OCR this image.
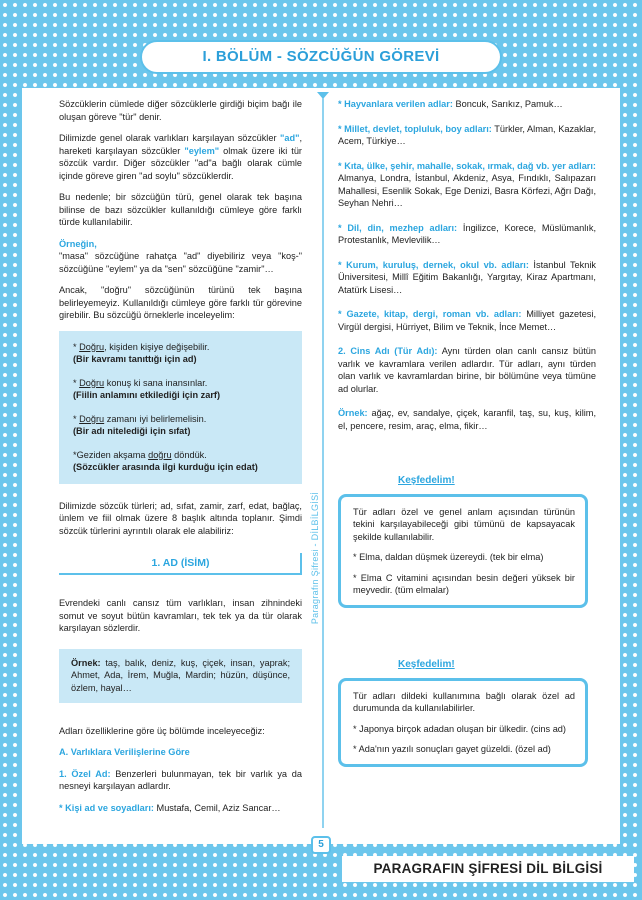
Sözcüklerin cümlede diğer sözcüklerle girdiği biçim bağı ile oluşan göreve "tür" denir.

Dilimizde genel olarak varlıkları karşılayan sözcükler "ad", hareketi karşılayan sözcükler "eylem" olmak üzere iki tür sözcük vardır. Diğer sözcükler "ad"a bağlı olarak cümle içinde göreve giren "ad soylu" sözcüklerdir.

Bu nedenle; bir sözcüğün türü, genel olarak tek başına bilinse de bazı sözcükler kullanıldığı cümleye göre farklı türde kullanılabilir.

Örneğin,

"masa" sözcüğüne rahatça "ad" diyebiliriz veya "koş-" sözcüğüne "eylem" ya da "sen" sözcüğüne "zamir"…

Ancak, "doğru" sözcüğünün türünü tek başına belirleyemeyiz. Kullanıldığı cümleye göre farklı tür görevine girebilir. Bu sözcüğü örneklerle inceleyelim:

* Doğru, kişiden kişiye değişebilir.
(Bir kavramı tanıttığı için ad)
* Doğru konuş ki sana inansınlar.
(Fiilin anlamını etkilediği için zarf)
* Doğru zamanı iyi belirlemelisin.
(Bir adı nitelediği için sıfat)
*Geziden akşama doğru döndük.
(Sözcükler arasında ilgi kurduğu için edat)

Dilimizde sözcük türleri; ad, sıfat, zamir, zarf, edat, bağlaç, ünlem ve fiil olmak üzere 8 başlık altında toplanır. Şimdi sözcük türlerini ayrıntılı olarak ele alabiliriz:

1. AD (İSİM)

Evrendeki canlı cansız tüm varlıkları, insan zihnindeki somut ve soyut bütün kavramları, tek tek ya da tür olarak karşılayan sözlerdir.

Örnek: taş, balık, deniz, kuş, çiçek, insan, yaprak; Ahmet, Ada, İrem, Muğla, Mardin; hüzün, düşünce, özlem, hayal…

Adları özelliklerine göre üç bölümde inceleyeceğiz:

A. Varlıklara Verilişlerine Göre

1. Özel Ad: Benzerleri bulunmayan, tek bir varlık ya da nesneyi karşılayan adlardır.

* Kişi ad ve soyadları: Mustafa, Cemil, Aziz Sancar…

Paragrafın Şifresi - DİLBİLGİSİ
* Hayvanlara verilen adlar: Boncuk, Sarıkız, Pamuk…
* Millet, devlet, topluluk, boy adları: Türkler, Alman, Kazaklar, Acem, Türkiye…
* Kıta, ülke, şehir, mahalle, sokak, ırmak, dağ vb. yer adları: Almanya, Londra, İstanbul, Akdeniz, Asya, Fındıklı, Salıpazarı Mahallesi, Esenlik Sokak, Ege Denizi, Basra Körfezi, Ağrı Dağı, Seyhan Nehri…
* Dil, din, mezhep adları: İngilizce, Korece, Müslümanlık, Protestanlık, Mevlevilik…
* Kurum, kuruluş, dernek, okul vb. adları: İstanbul Teknik Üniversitesi, Millî Eğitim Bakanlığı, Yargıtay, Kiraz Apartmanı, Atatürk Lisesi…
* Gazete, kitap, dergi, roman vb. adları: Milliyet gazetesi, Virgül dergisi, Hürriyet, Bilim ve Teknik, İnce Memet…
2. Cins Adı (Tür Adı): Aynı türden olan canlı cansız bütün varlık ve kavramlara verilen adlardır. Tür adları, aynı türden olan varlık ve kavramlardan birine, bir bölümüne veya tümüne ad olurlar.
Örnek: ağaç, ev, sandalye, çiçek, karanfil, taş, su, kuş, kilim, el, pencere, resim, araç, elma, fikir…
Keşfedelim!

Tür adları özel ve genel anlam açısından türünün tekini karşılayabileceği gibi tümünü de kapsayacak şekilde kullanılabilir.

* Elma, daldan düşmek üzereydi. (tek bir elma)

* Elma C vitamini açısından besin değeri yüksek bir meyvedir. (tüm elmalar)

Keşfedelim!

Tür adları dildeki kullanımına bağlı olarak özel ad durumunda da kullanılabilirler.

* Japonya birçok adadan oluşan bir ülkedir. (cins ad)

* Ada'nın yazılı sonuçları gayet güzeldi. (özel ad)

I. BÖLÜM - SÖZCÜĞÜN GÖREVİ
5
PARAGRAFIN ŞİFRESİ DİL BİLGİSİ
